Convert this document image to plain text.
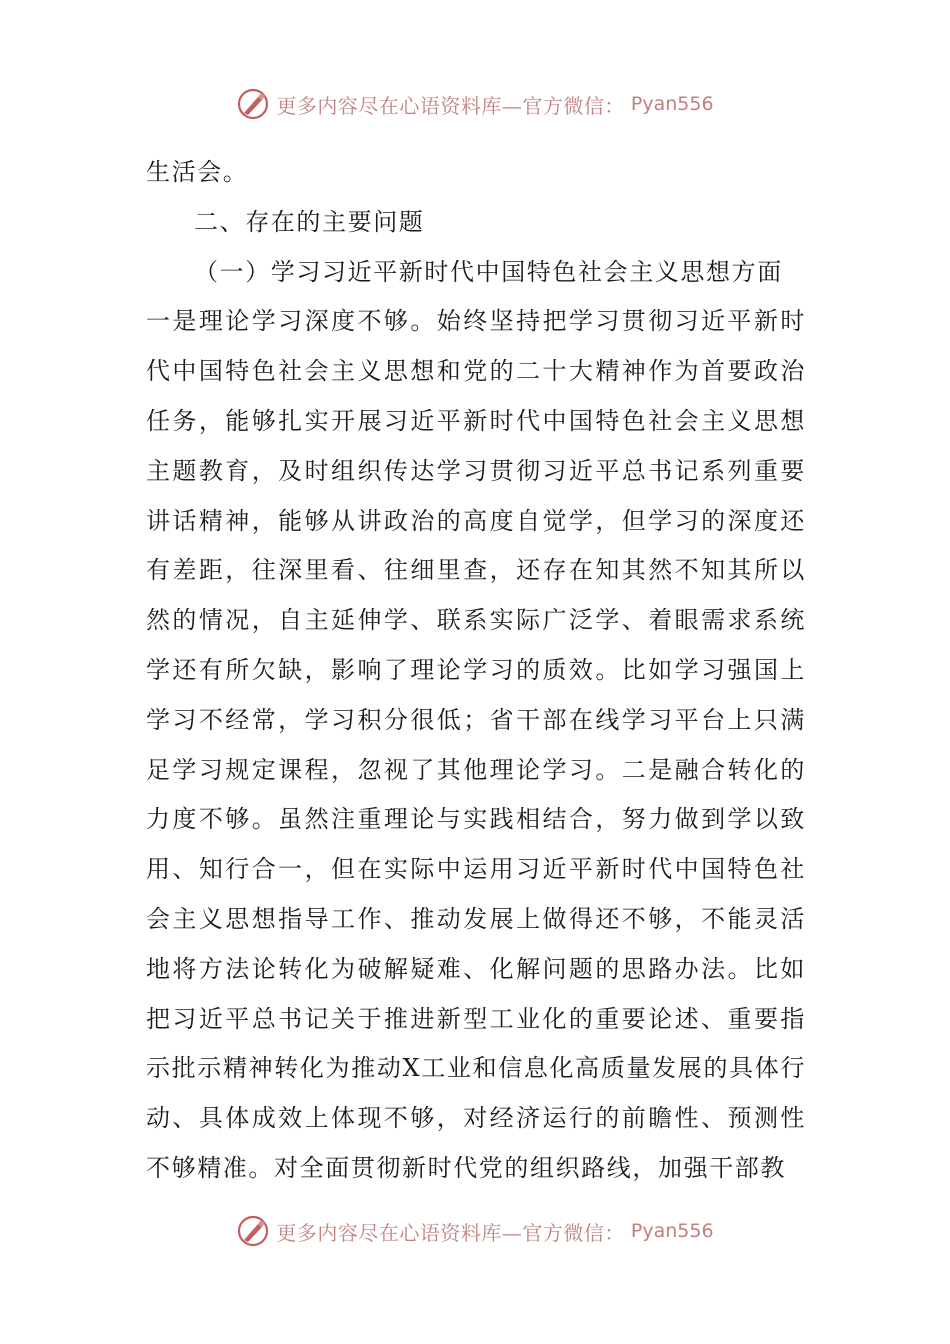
更多内容尽在心语资料库—官方微信： Pyan556

生活会。

二、存在的主要问题

（一）学习习近平新时代中国特色社会主义思想方面

一是理论学习深度不够。始终坚持把学习贯彻习近平新时代中国特色社会主义思想和党的二十大精神作为首要政治任务，能够扎实开展习近平新时代中国特色社会主义思想主题教育，及时组织传达学习贯彻习近平总书记系列重要讲话精神，能够从讲政治的高度自觉学，但学习的深度还有差距，往深里看、往细里查，还存在知其然不知其所以然的情况，自主延伸学、联系实际广泛学、着眼需求系统学还有所欠缺，影响了理论学习的质效。比如学习强国上学习不经常，学习积分很低；省干部在线学习平台上只满足学习规定课程，忽视了其他理论学习。二是融合转化的力度不够。虽然注重理论与实践相结合，努力做到学以致用、知行合一，但在实际中运用习近平新时代中国特色社会主义思想指导工作、推动发展上做得还不够，不能灵活地将方法论转化为破解疑难、化解问题的思路办法。比如把习近平总书记关于推进新型工业化的重要论述、重要指示批示精神转化为推动X工业和信息化高质量发展的具体行动、具体成效上体现不够，对经济运行的前瞻性、预测性不够精准。对全面贯彻新时代党的组织路线，加强干部教

更多内容尽在心语资料库—官方微信： Pyan556
